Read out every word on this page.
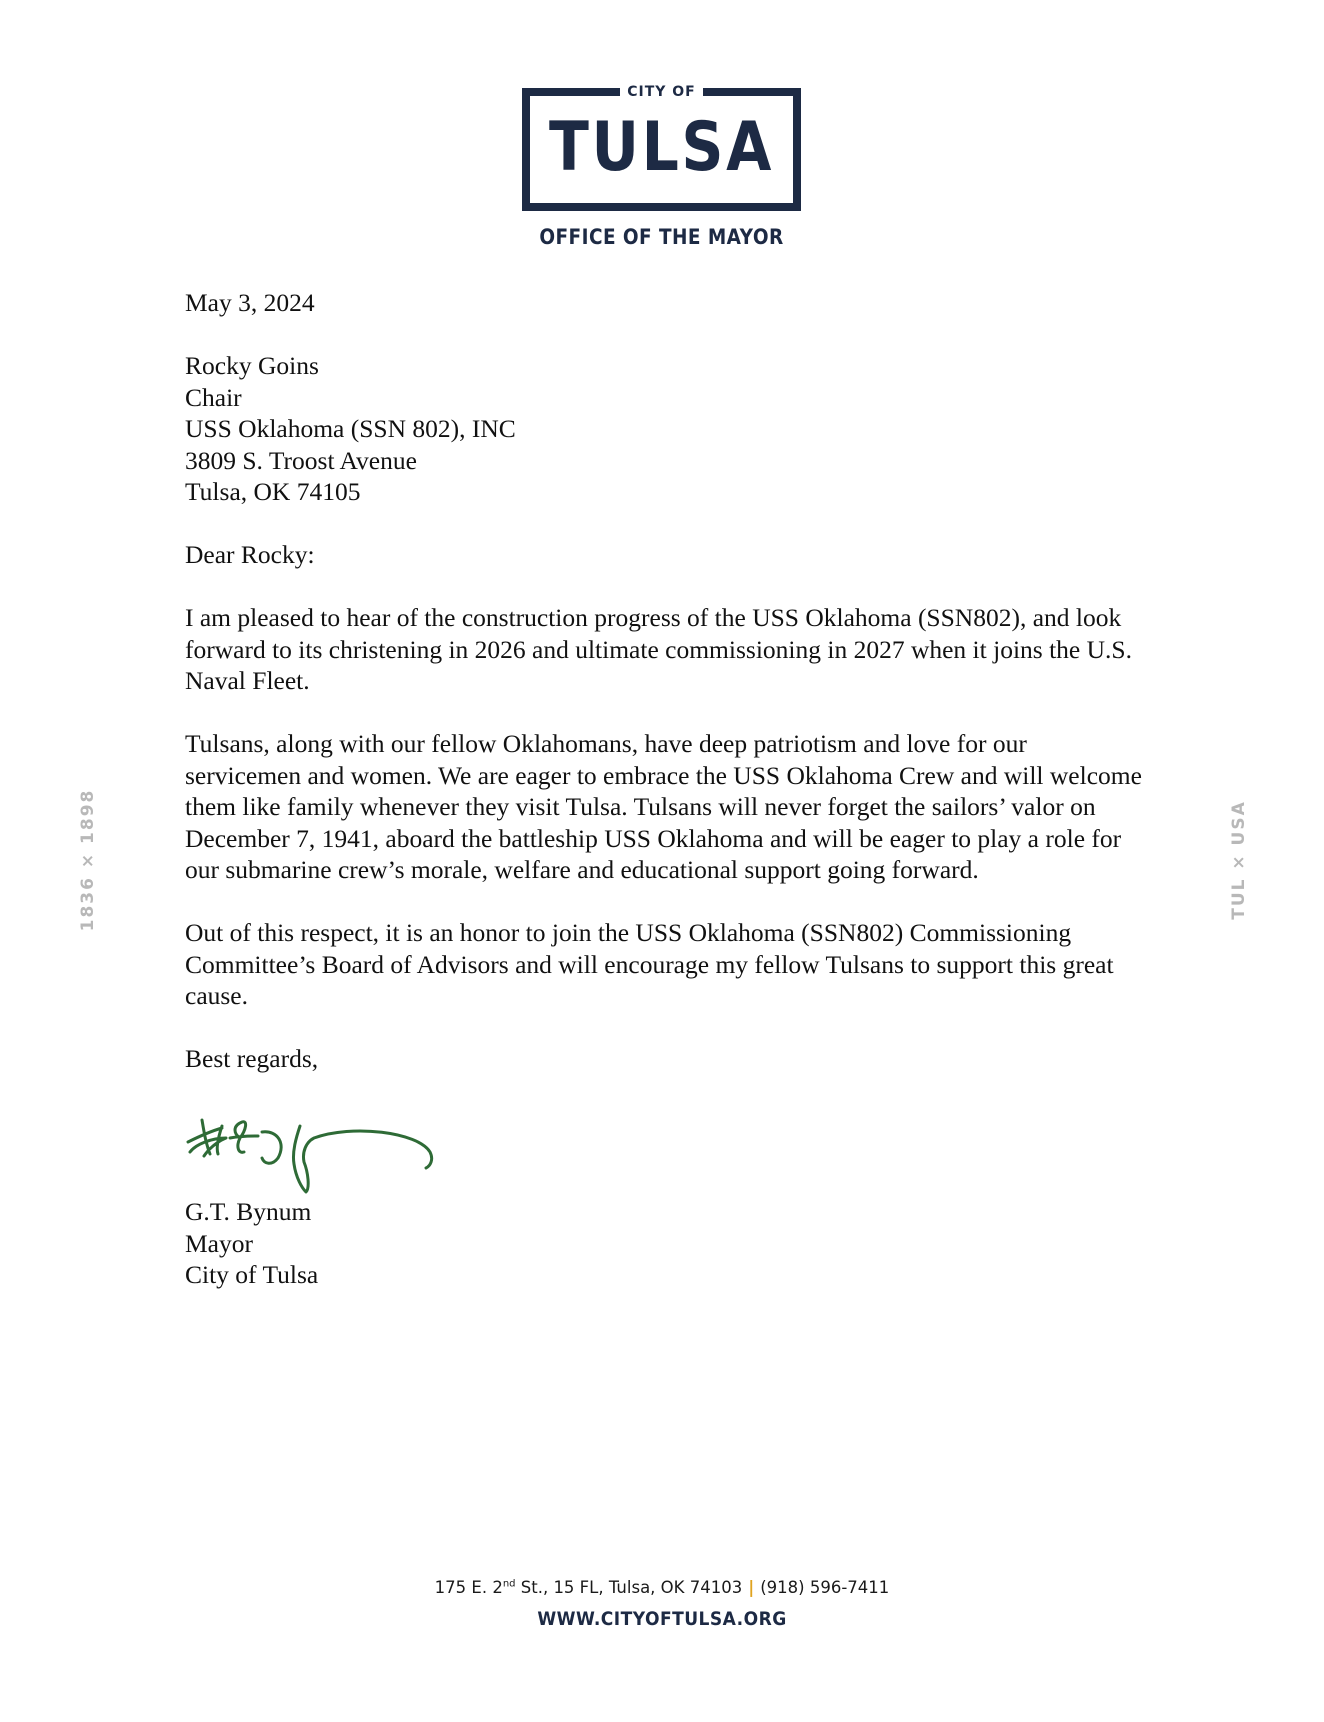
CITY OF
TULSA
OFFICE OF THE MAYOR
1836 × 1898	TUL × USA

May 3, 2024

Rocky Goins
Chair
USS Oklahoma (SSN 802), INC
3809 S. Troost Avenue
Tulsa, OK 74105

Dear Rocky:

I am pleased to hear of the construction progress of the USS Oklahoma (SSN802), and look forward to its christening in 2026 and ultimate commissioning in 2027 when it joins the U.S. Naval Fleet.

Tulsans, along with our fellow Oklahomans, have deep patriotism and love for our servicemen and women. We are eager to embrace the USS Oklahoma Crew and will welcome them like family whenever they visit Tulsa. Tulsans will never forget the sailors’ valor on December 7, 1941, aboard the battleship USS Oklahoma and will be eager to play a role for our submarine crew’s morale, welfare and educational support going forward.

Out of this respect, it is an honor to join the USS Oklahoma (SSN802) Commissioning Committee’s Board of Advisors and will encourage my fellow Tulsans to support this great cause.

Best regards,

G.T. Bynum
Mayor
City of Tulsa
175 E. 2nd St., 15 FL, Tulsa, OK 74103 | (918) 596-7411
WWW.CITYOFTULSA.ORG
